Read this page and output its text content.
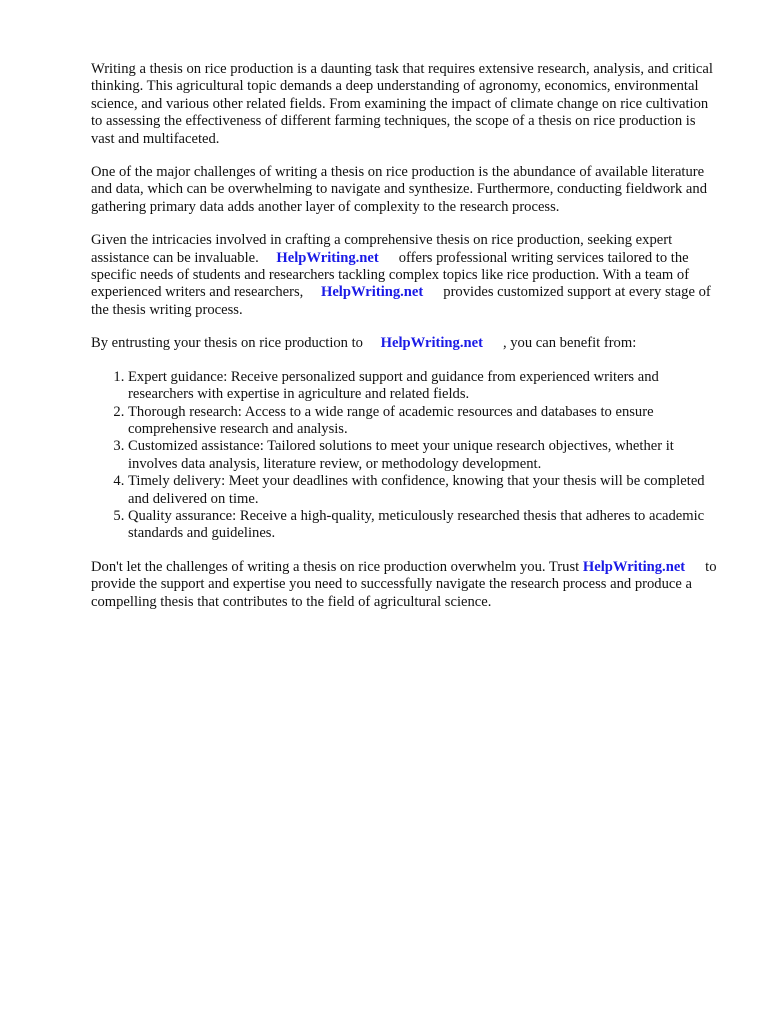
Writing a thesis on rice production is a daunting task that requires extensive research, analysis, and critical thinking. This agricultural topic demands a deep understanding of agronomy, economics, environmental science, and various other related fields. From examining the impact of climate change on rice cultivation to assessing the effectiveness of different farming techniques, the scope of a thesis on rice production is vast and multifaceted.

One of the major challenges of writing a thesis on rice production is the abundance of available literature and data, which can be overwhelming to navigate and synthesize. Furthermore, conducting fieldwork and gathering primary data adds another layer of complexity to the research process.

Given the intricacies involved in crafting a comprehensive thesis on rice production, seeking expert assistance can be invaluable. HelpWriting.net offers professional writing services tailored to the specific needs of students and researchers tackling complex topics like rice production. With a team of experienced writers and researchers, HelpWriting.net provides customized support at every stage of the thesis writing process.

By entrusting your thesis on rice production to HelpWriting.net , you can benefit from:

1. Expert guidance: Receive personalized support and guidance from experienced writers and researchers with expertise in agriculture and related fields.
2. Thorough research: Access to a wide range of academic resources and databases to ensure comprehensive research and analysis.
3. Customized assistance: Tailored solutions to meet your unique research objectives, whether it involves data analysis, literature review, or methodology development.
4. Timely delivery: Meet your deadlines with confidence, knowing that your thesis will be completed and delivered on time.
5. Quality assurance: Receive a high-quality, meticulously researched thesis that adheres to academic standards and guidelines.

Don't let the challenges of writing a thesis on rice production overwhelm you. Trust HelpWriting.net to provide the support and expertise you need to successfully navigate the research process and produce a compelling thesis that contributes to the field of agricultural science.
